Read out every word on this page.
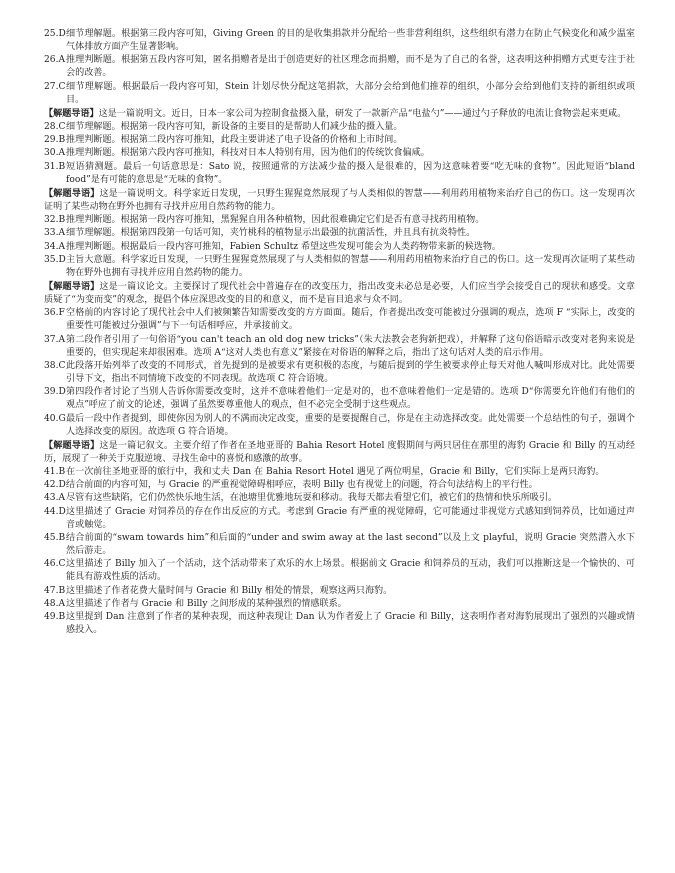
25.D 细节理解题。根据第三段内容可知，Giving Green 的目的是收集捐款并分配给一些非营利组织，这些组织有潜力在防止气候变化和减少温室气体排放方面产生显著影响。
26.A 推理判断题。根据第五段内容可知，匿名捐赠者是出于创造更好的社区理念而捐赠，而不是为了自己的名誉，这表明这种捐赠方式更专注于社会的改善。
27.C 细节理解题。根据最后一段内容可知，Stein 计划尽快分配这笔捐款，大部分会给到他们推荐的组织，小部分会给到他们支持的新组织或项目。
【解题导语】这是一篇说明文。近日，日本一家公司为控制食盐摄入量，研发了一款新产品“电盐勺”——通过勺子释放的电流让食物尝起来更咸。
28.C 细节理解题。根据第一段内容可知，新设备的主要目的是帮助人们减少盐的摄入量。
29.B 推理判断题。根据第二段内容可推知，此段主要讲述了电子设备的价格和上市时间。
30.A 推理判断题。根据第六段内容可推知，科技对日本人特别有用，因为他们的传统饮食偏咸。
31.B 短语猜测题。最后一句话意思是：Sato 说，按照通常的方法减少盐的摄入是很难的，因为这意味着要“吃无味的食物”。因此短语“bland food”是有可能的意思是“无味的食物”。
【解题导语】这是一篇说明文。科学家近日发现，一只野生猩猩竟然展现了与人类相似的智慧——利用药用植物来治疗自己的伤口。这一发现再次证明了某些动物在野外也拥有寻找并应用自然药物的能力。
32.B 推理判断题。根据第一段内容可推知，黑猩猩自用各种植物，因此很难确定它们是否有意寻找药用植物。
33.A 细节理解题。根据第四段第一句话可知，夹竹桃科的植物显示出最强的抗菌活性，并且具有抗炎特性。
34.A 推理判断题。根据最后一段内容可推知，Fabien Schultz 希望这些发现可能会为人类药物带来新的候选物。
35.D 主旨大意题。科学家近日发现，一只野生猩猩竟然展现了与人类相似的智慧——利用药用植物来治疗自己的伤口。这一发现再次证明了某些动物在野外也拥有寻找并应用自然药物的能力。
【解题导语】这是一篇议论文。主要探讨了现代社会中普遍存在的改变压力，指出改变未必总是必要，人们应当学会接受自己的现状和感受。文章质疑了“为变而变”的观念，提倡个体应深思改变的目的和意义，而不是盲目追求与众不同。
36.F 空格前的内容讨论了现代社会中人们被频繁告知需要改变的方方面面。随后，作者提出改变可能被过分强调的观点，选项 F “实际上，改变的重要性可能被过分强调”与下一句话相呼应，并承接前文。
37.A 第二段作者引用了一句俗语“you can't teach an old dog new tricks”（朱大法教会老狗新把戏），并解释了这句俗语暗示改变对老狗来说是重要的，但实现起来却很困难。选项 A“这对人类也有意义”紧接在对俗语的解释之后，指出了这句话对人类的启示作用。
38.C 此段落开始列举了改变的不同形式，首先提到的是被要求有更积极的态度，与随后提到的学生被要求停止每天对他人喊叫形成对比。此处需要引导下文，指出不同情境下改变的不同表现。故选项 C 符合语境。
39.D 第四段作者讨论了当别人告诉你需要改变时，这并不意味着他们一定是对的，也不意味着他们一定是错的。选项 D“你需要允许他们有他们的观点”呼应了前文的论述，强调了虽然要尊重他人的观点，但不必完全受制于这些观点。
40.G 最后一段中作者提到，即使你因为别人的不满而决定改变，重要的是要提醒自己，你是在主动选择改变。此处需要一个总结性的句子，强调个人选择改变的原因。故选项 G 符合语境。
【解题导语】这是一篇记叙文。主要介绍了作者在圣地亚哥的 Bahia Resort Hotel 度假期间与两只居住在那里的海豹 Gracie 和 Billy 的互动经历，展现了一种关于克服逆境、寻找生命中的喜悦和感激的故事。
41.B 在一次前往圣地亚哥的旅行中，我和丈夫 Dan 在 Bahia Resort Hotel 遇见了两位明星，Gracie 和 Billy，它们实际上是两只海豹。
42.D 结合前面的内容可知，与 Gracie 的严重视觉障碍相呼应，表明 Billy 也有视觉上的问题，符合句法结构上的平行性。
43.A 尽管有这些缺陷，它们仍然快乐地生活，在池塘里优雅地玩耍和移动。我每天都去看望它们，被它们的热情和快乐所吸引。
44.D 这里描述了 Gracie 对饲养员的存在作出反应的方式。考虑到 Gracie 有严重的视觉障碍，它可能通过非视觉方式感知到饲养员，比如通过声音或触觉。
45.B 结合前面的“swam towards him”和后面的“under and swim away at the last second”以及上文 playful，说明 Gracie 突然潜入水下然后游走。
46.C 这里描述了 Billy 加入了一个活动，这个活动带来了欢乐的水上场景。根据前文 Gracie 和饲养员的互动，我们可以推断这是一个愉快的、可能具有游戏性质的活动。
47.B 这里描述了作者花费大量时间与 Gracie 和 Billy 相处的情景，观察这两只海豹。
48.A 这里描述了作者与 Gracie 和 Billy 之间形成的某种强烈的情感联系。
49.B 这里提到 Dan 注意到了作者的某种表现，而这种表现让 Dan 认为作者爱上了 Gracie 和 Billy，这表明作者对海豹展现出了强烈的兴趣或情感投入。
